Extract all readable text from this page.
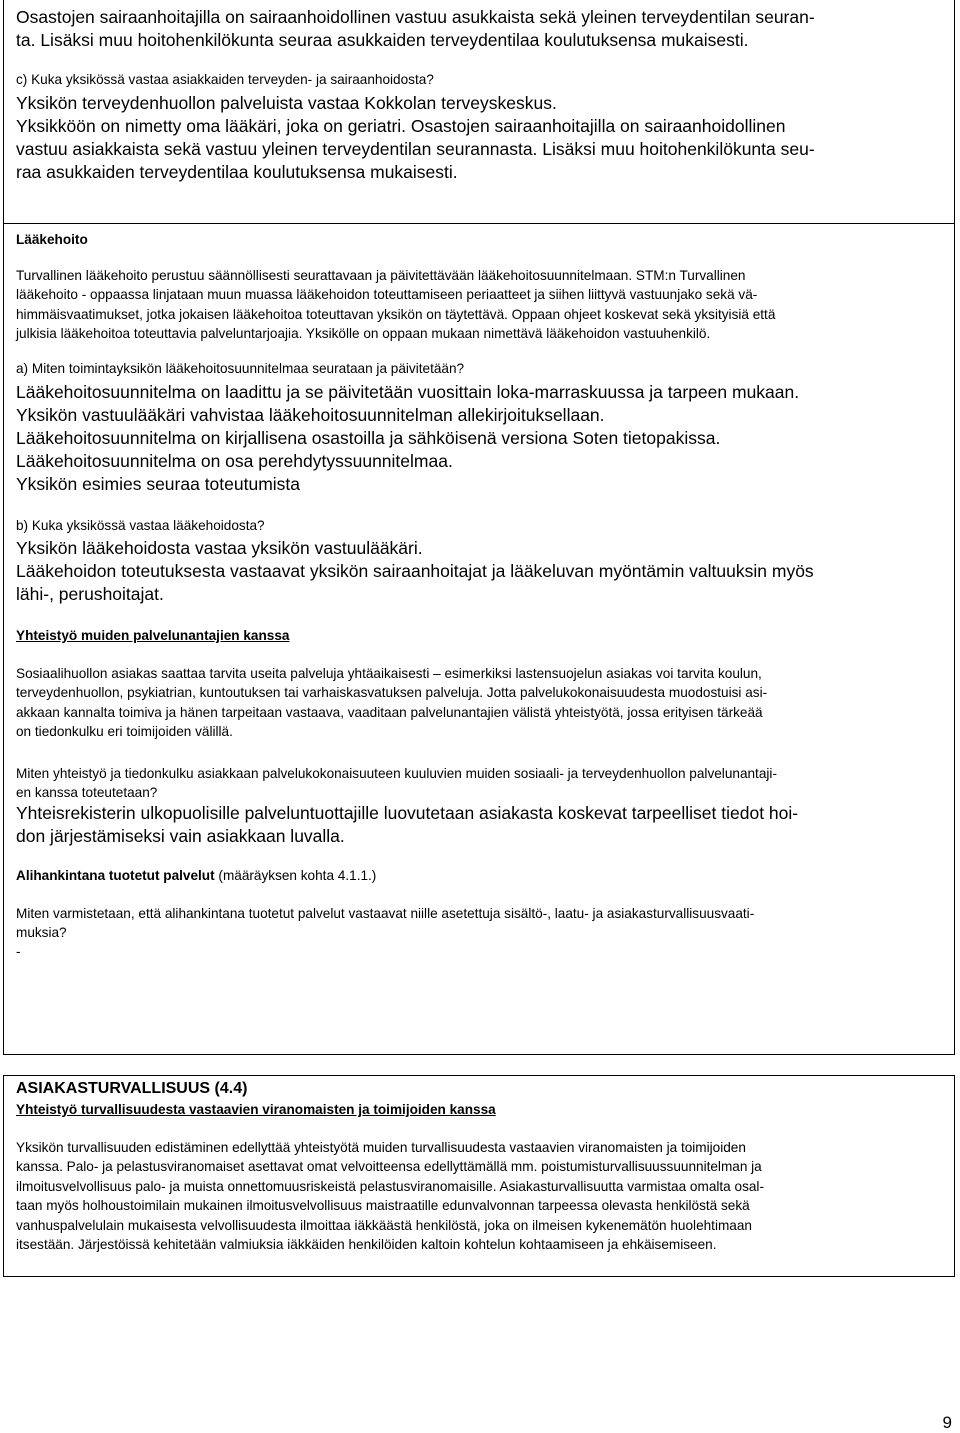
Osastojen sairaanhoitajilla on sairaanhoidollinen vastuu asukkaista sekä yleinen terveydentilan seuran-
ta. Lisäksi muu hoitohenkilökunta seuraa asukkaiden terveydentilaa koulutuksensa mukaisesti.

c) Kuka yksikössä vastaa asiakkaiden terveyden- ja sairaanhoidosta?

Yksikön terveydenhuollon palveluista vastaa Kokkolan terveyskeskus.
Yksikköön on nimetty oma lääkäri, joka on geriatri. Osastojen sairaanhoitajilla on sairaanhoidollinen
vastuu asiakkaista sekä vastuu yleinen terveydentilan seurannasta. Lisäksi muu hoitohenkilökunta seu-
raa asukkaiden terveydentilaa koulutuksensa mukaisesti.

Lääkehoito

Turvallinen lääkehoito perustuu säännöllisesti seurattavaan ja päivitettävään lääkehoitosuunnitelmaan. STM:n Turvallinen
lääkehoito - oppaassa linjataan muun muassa lääkehoidon toteuttamiseen periaatteet ja siihen liittyvä vastuunjako sekä vä-
himmäisvaatimukset, jotka jokaisen lääkehoitoa toteuttavan yksikön on täytettävä. Oppaan ohjeet koskevat sekä yksityisiä että
julkisia lääkehoitoa toteuttavia palveluntarjoajia. Yksikölle on oppaan mukaan nimettävä lääkehoidon vastuuhenkilö.

a) Miten toimintayksikön lääkehoitosuunnitelmaa seurataan ja päivitetään?

Lääkehoitosuunnitelma on laadittu ja se päivitetään vuosittain loka-marraskuussa ja tarpeen mukaan.
Yksikön vastuulääkäri vahvistaa lääkehoitosuunnitelman allekirjoituksellaan.
Lääkehoitosuunnitelma on kirjallisena osastoilla ja sähköisenä versiona Soten tietopakissa.
Lääkehoitosuunnitelma on osa perehdytyssuunnitelmaa.
Yksikön esimies seuraa toteutumista

b) Kuka yksikössä vastaa lääkehoidosta?

Yksikön lääkehoidosta vastaa yksikön vastuulääkäri.
Lääkehoidon toteutuksesta vastaavat yksikön sairaanhoitajat ja lääkeluvan myöntämin valtuuksin myös
lähi-, perushoitajat.

Yhteistyö muiden palvelunantajien kanssa

Sosiaalihuollon asiakas saattaa tarvita useita palveluja yhtäaikaisesti – esimerkiksi lastensuojelun asiakas voi tarvita koulun,
terveydenhuollon, psykiatrian, kuntoutuksen tai varhaiskasvatuksen palveluja. Jotta palvelukokonaisuudesta muodostuisi asi-
akkaan kannalta toimiva ja hänen tarpeitaan vastaava, vaaditaan palvelunantajien välistä yhteistyötä, jossa erityisen tärkeää
on tiedonkulku eri toimijoiden välillä.

Miten yhteistyö ja tiedonkulku asiakkaan palvelukokonaisuuteen kuuluvien muiden sosiaali- ja terveydenhuollon palvelunantaji-
en kanssa toteutetaan?

Yhteisrekisterin ulkopuolisille palveluntuottajille luovutetaan asiakasta koskevat tarpeelliset tiedot hoi-
don järjestämiseksi vain asiakkaan luvalla.

Alihankintana tuotetut palvelut (määräyksen kohta 4.1.1.)

Miten varmistetaan, että alihankintana tuotetut palvelut vastaavat niille asetettuja sisältö-, laatu- ja asiakasturvallisuusvaati-
muksia?

-

ASIAKASTURVALLISUUS (4.4)

Yhteistyö turvallisuudesta vastaavien viranomaisten ja toimijoiden kanssa

Yksikön turvallisuuden edistäminen edellyttää yhteistyötä muiden turvallisuudesta vastaavien viranomaisten ja toimijoiden
kanssa. Palo- ja pelastusviranomaiset asettavat omat velvoitteensa edellyttämällä mm. poistumisturvallisuussuunnitelman ja
ilmoitusvelvollisuus palo- ja muista onnettomuusriskeistä pelastusviranomaisille. Asiakasturvallisuutta varmistaa omalta osal-
taan myös holhoustoimilain mukainen ilmoitusvelvollisuus maistraatille edunvalvonnan tarpeessa olevasta henkilöstä sekä
vanhuspalvelulain mukaisesta velvollisuudesta ilmoittaa iäkkäästä henkilöstä, joka on ilmeisen kykenemätön huolehtimaan
itsestään. Järjestöissä kehitetään valmiuksia iäkkäiden henkilöiden kaltoin kohtelun kohtaamiseen ja ehkäisemiseen.

9
